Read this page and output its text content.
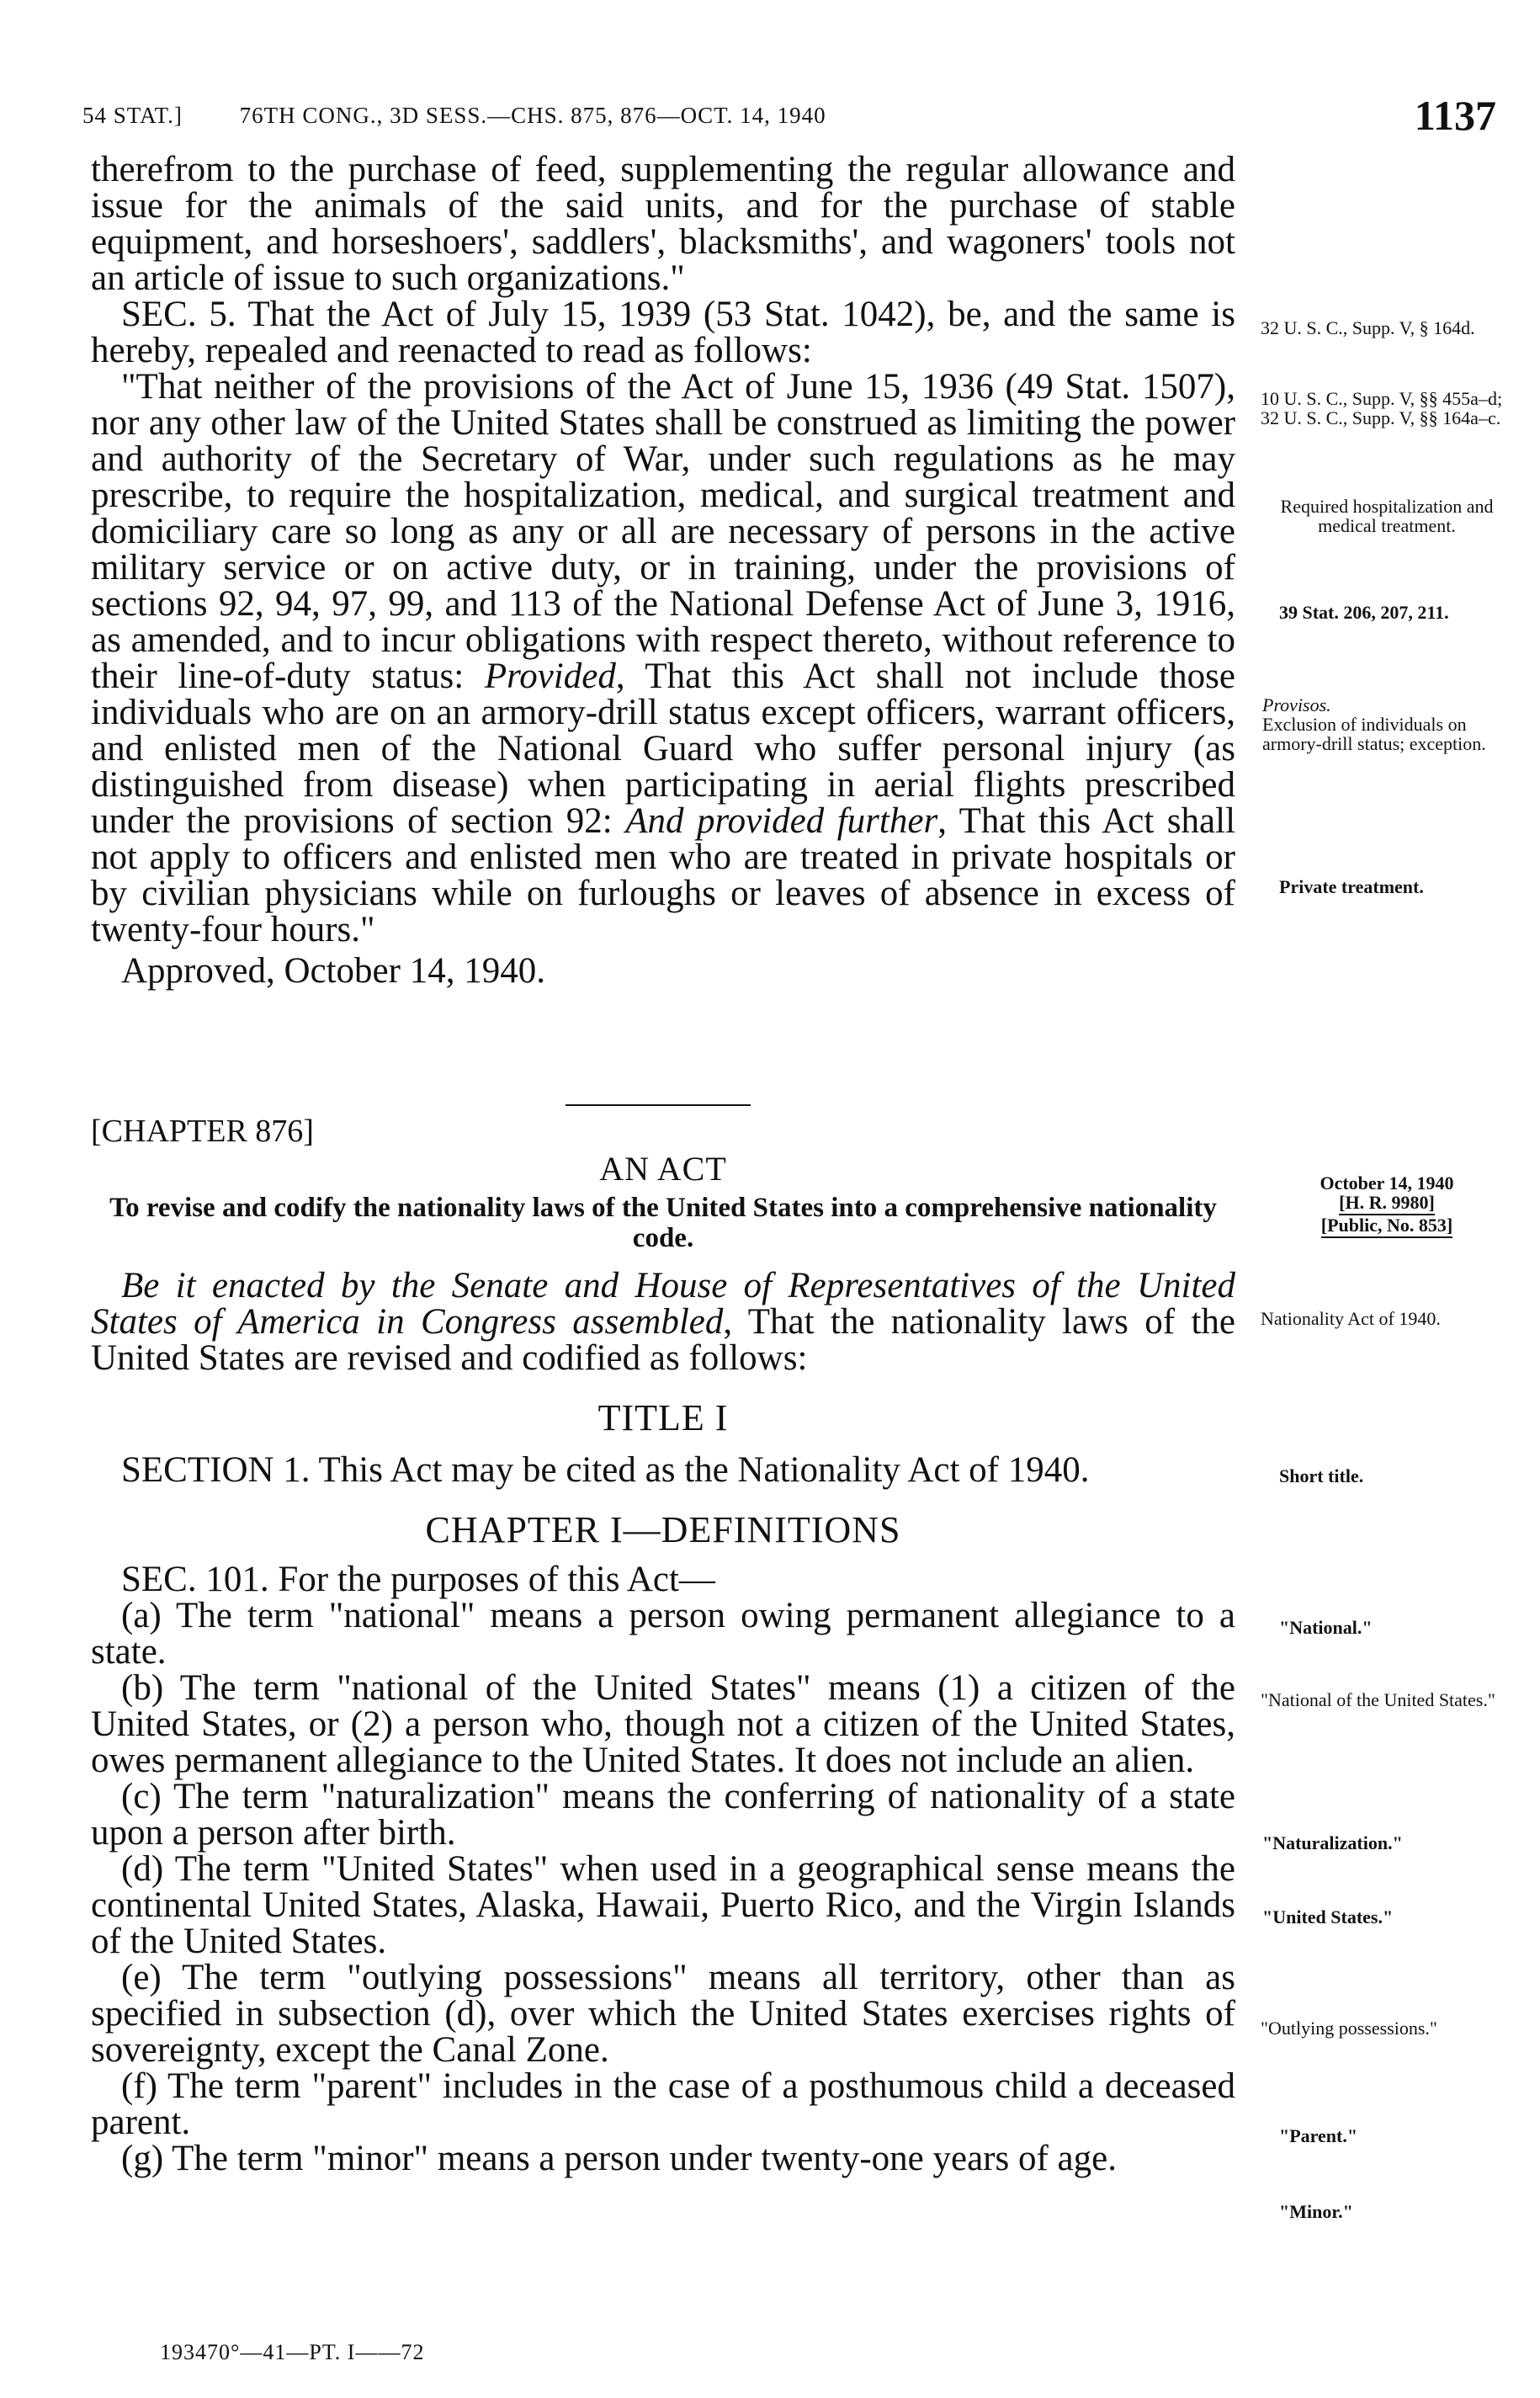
54 STAT.]	76TH CONG., 3D SESS.—CHS. 875, 876—OCT. 14, 1940	1137

therefrom to the purchase of feed, supplementing the regular allowance and issue for the animals of the said units, and for the purchase of stable equipment, and horseshoers', saddlers', blacksmiths', and wagoners' tools not an article of issue to such organizations."

SEC. 5. That the Act of July 15, 1939 (53 Stat. 1042), be, and the same is hereby, repealed and reenacted to read as follows:

"That neither of the provisions of the Act of June 15, 1936 (49 Stat. 1507), nor any other law of the United States shall be construed as limiting the power and authority of the Secretary of War, under such regulations as he may prescribe, to require the hospitalization, medical, and surgical treatment and domiciliary care so long as any or all are necessary of persons in the active military service or on active duty, or in training, under the provisions of sections 92, 94, 97, 99, and 113 of the National Defense Act of June 3, 1916, as amended, and to incur obligations with respect thereto, without reference to their line-of-duty status: Provided, That this Act shall not include those individuals who are on an armory-drill status except officers, warrant officers, and enlisted men of the National Guard who suffer personal injury (as distinguished from disease) when participating in aerial flights prescribed under the provisions of section 92: And provided further, That this Act shall not apply to officers and enlisted men who are treated in private hospitals or by civilian physicians while on furloughs or leaves of absence in excess of twenty-four hours."

Approved, October 14, 1940.

[CHAPTER 876]

AN ACT

To revise and codify the nationality laws of the United States into a comprehensive nationality code.

Be it enacted by the Senate and House of Representatives of the United States of America in Congress assembled, That the nationality laws of the United States are revised and codified as follows:

TITLE I

SECTION 1. This Act may be cited as the Nationality Act of 1940.

CHAPTER I—DEFINITIONS

SEC. 101. For the purposes of this Act—

(a) The term "national" means a person owing permanent allegiance to a state.

(b) The term "national of the United States" means (1) a citizen of the United States, or (2) a person who, though not a citizen of the United States, owes permanent allegiance to the United States. It does not include an alien.

(c) The term "naturalization" means the conferring of nationality of a state upon a person after birth.

(d) The term "United States" when used in a geographical sense means the continental United States, Alaska, Hawaii, Puerto Rico, and the Virgin Islands of the United States.

(e) The term "outlying possessions" means all territory, other than as specified in subsection (d), over which the United States exercises rights of sovereignty, except the Canal Zone.

(f) The term "parent" includes in the case of a posthumous child a deceased parent.

(g) The term "minor" means a person under twenty-one years of age.

32 U. S. C., Supp. V, § 164d.
10 U. S. C., Supp. V, §§ 455a–d; 32 U. S. C., Supp. V, §§ 164a–c.
Required hospitalization and medical treatment.
39 Stat. 206, 207, 211.
Provisos.
Exclusion of individuals on armory-drill status; exception.
Private treatment.
October 14, 1940
[H. R. 9980]
[Public, No. 853]
Nationality Act of 1940.
Short title.
"National."
"National of the United States."
"Naturalization."
"United States."
"Outlying possessions."
"Parent."
"Minor."
193470°—41—PT. I——72
